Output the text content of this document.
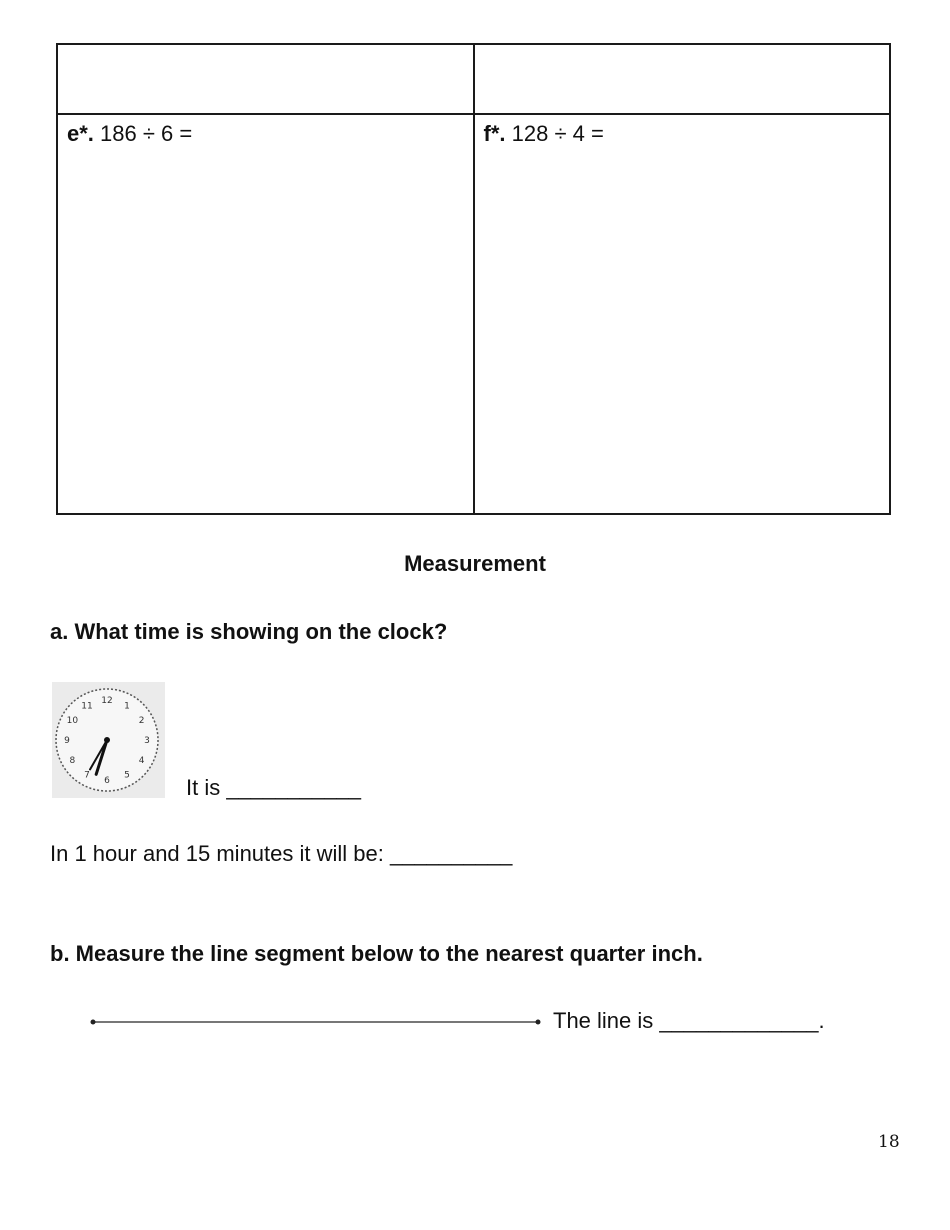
e*. 186 ÷ 6 =	f*. 128 ÷ 4 =
Measurement
a. What time is showing on the clock?
12
1
2
3
4
5
6
7
8
9
10
11
It is ___________
In 1 hour and 15 minutes it will be: __________
b. Measure the line segment below to the nearest quarter inch.
The line is _____________.
18
